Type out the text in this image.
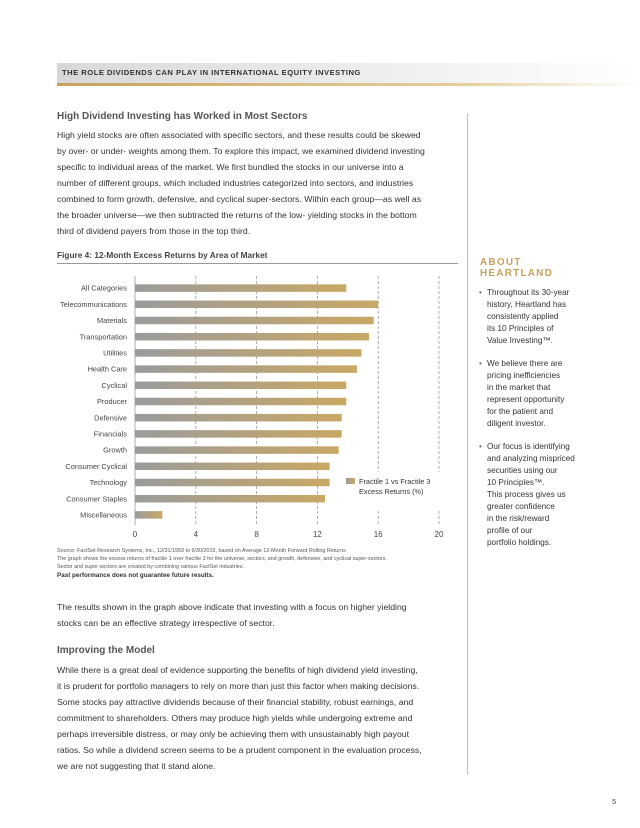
THE ROLE DIVIDENDS CAN PLAY IN INTERNATIONAL EQUITY INVESTING
High Dividend Investing has Worked in Most Sectors
High yield stocks are often associated with specific sectors, and these results could be skewed
by over- or under- weights among them. To explore this impact, we examined dividend investing
specific to individual areas of the market. We first bundled the stocks in our universe into a
number of different groups, which included industries categorized into sectors, and industries
combined to form growth, defensive, and cyclical super-sectors. Within each group—as well as
the broader universe—we then subtracted the returns of the low- yielding stocks in the bottom
third of dividend payers from those in the top third.
Figure 4: 12-Month Excess Returns by Area of Market
All Categories
Telecommunications
Materials
Transportation
Utilities
Health Care
Cyclical
Producer
Defensive
Financials
Growth
Consumer Cyclical
Technology
Consumer Staples
Miscellaneous
0	4	8	12	16	20
Fractile 1 vs Fractile 3
Excess Returns (%)
Source: FactSet Research Systems, Inc., 12/31/1993 to 6/30/2015, based on Average 12-Month Forward Rolling Returns
The graph shows the excess returns of fractile 1 over fractile 3 for the universe, sectors, and growth, defensive, and cyclical super-sectors.
Sector and super sectors are created by combining various FactSet industries.
Past performance does not guarantee future results.
The results shown in the graph above indicate that investing with a focus on higher yielding
stocks can be an effective strategy irrespective of sector.
Improving the Model
While there is a great deal of evidence supporting the benefits of high dividend yield investing,
it is prudent for portfolio managers to rely on more than just this factor when making decisions.
Some stocks pay attractive dividends because of their financial stability, robust earnings, and
commitment to shareholders. Others may produce high yields while undergoing extreme and
perhaps irreversible distress, or may only be achieving them with unsustainably high payout
ratios. So while a dividend screen seems to be a prudent component in the evaluation process,
we are not suggesting that it stand alone.
ABOUT
HEARTLAND
• Throughout its 30-year
history, Heartland has
consistently applied
its 10 Principles of
Value Investing™.
• We believe there are
pricing inefficiencies
in the market that
represent opportunity
for the patient and
diligent investor.
• Our focus is identifying
and analyzing mispriced
securities using our
10 Principles™.
This process gives us
greater confidence
in the risk/reward
profile of our
portfolio holdings.
5
